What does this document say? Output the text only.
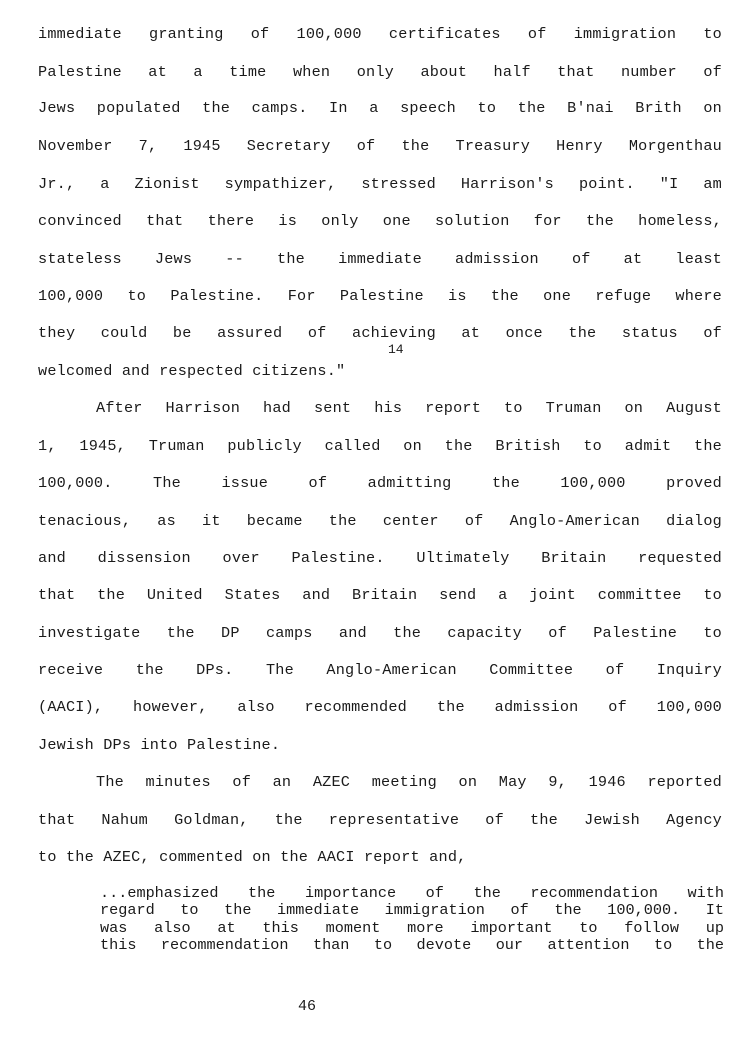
immediate granting of 100,000 certificates of immigration to
Palestine at a time when only about half that number of
Jews populated the camps. In a speech to the B'nai Brith on
November 7, 1945 Secretary of the Treasury Henry Morgenthau
Jr., a Zionist sympathizer, stressed Harrison's point. "I am
convinced that there is only one solution for the homeless,
stateless Jews -- the immediate admission of at least
100,000 to Palestine. For Palestine is the one refuge where
they could be assured of achieving at once the status of
14
welcomed and respected citizens."
After Harrison had sent his report to Truman on August
1, 1945, Truman publicly called on the British to admit the
100,000. The issue of admitting the 100,000 proved
tenacious, as it became the center of Anglo-American dialog
and dissension over Palestine. Ultimately Britain requested
that the United States and Britain send a joint committee to
investigate the DP camps and the capacity of Palestine to
receive the DPs. The Anglo-American Committee of Inquiry
(AACI), however, also recommended the admission of 100,000
Jewish DPs into Palestine.
The minutes of an AZEC meeting on May 9, 1946 reported
that Nahum Goldman, the representative of the Jewish Agency
to the AZEC, commented on the AACI report and,
...emphasized the importance of the recommendation with
regard to the immediate immigration of the 100,000. It
was also at this moment more important to follow up
this recommendation than to devote our attention to the
46
